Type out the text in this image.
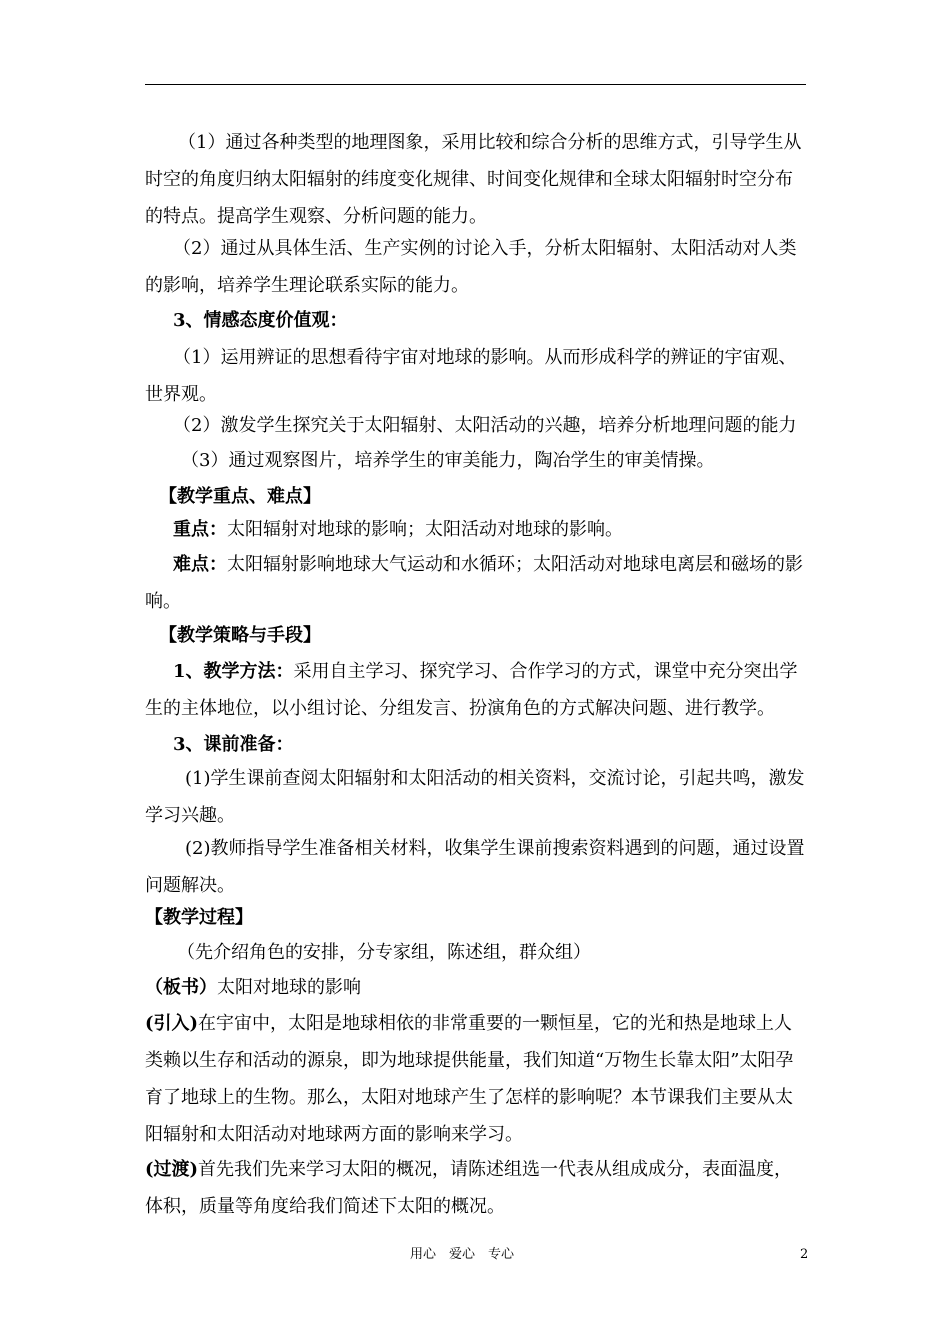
（1）通过各种类型的地理图象，采用比较和综合分析的思维方式，引导学生从时空的角度归纳太阳辐射的纬度变化规律、时间变化规律和全球太阳辐射时空分布的特点。提高学生观察、分析问题的能力。

（2）通过从具体生活、生产实例的讨论入手，分析太阳辐射、太阳活动对人类的影响，培养学生理论联系实际的能力。

3、情感态度价值观：

（1）运用辨证的思想看待宇宙对地球的影响。从而形成科学的辨证的宇宙观、世界观。

（2）激发学生探究关于太阳辐射、太阳活动的兴趣，培养分析地理问题的能力

（3）通过观察图片，培养学生的审美能力，陶冶学生的审美情操。

【教学重点、难点】

重点：太阳辐射对地球的影响；太阳活动对地球的影响。

难点：太阳辐射影响地球大气运动和水循环；太阳活动对地球电离层和磁场的影响。

【教学策略与手段】

1、教学方法：采用自主学习、探究学习、合作学习的方式，课堂中充分突出学生的主体地位，以小组讨论、分组发言、扮演角色的方式解决问题、进行教学。

3、课前准备：

(1)学生课前查阅太阳辐射和太阳活动的相关资料，交流讨论，引起共鸣，激发学习兴趣。

(2)教师指导学生准备相关材料，收集学生课前搜索资料遇到的问题，通过设置问题解决。

【教学过程】

（先介绍角色的安排，分专家组，陈述组，群众组）

（板书）太阳对地球的影响

(引入)在宇宙中，太阳是地球相依的非常重要的一颗恒星，它的光和热是地球上人类赖以生存和活动的源泉，即为地球提供能量，我们知道“万物生长靠太阳”太阳孕育了地球上的生物。那么，太阳对地球产生了怎样的影响呢？本节课我们主要从太阳辐射和太阳活动对地球两方面的影响来学习。

(过渡)首先我们先来学习太阳的概况，请陈述组选一代表从组成成分，表面温度，体积，质量等角度给我们简述下太阳的概况。

用心　爱心　专心	2
